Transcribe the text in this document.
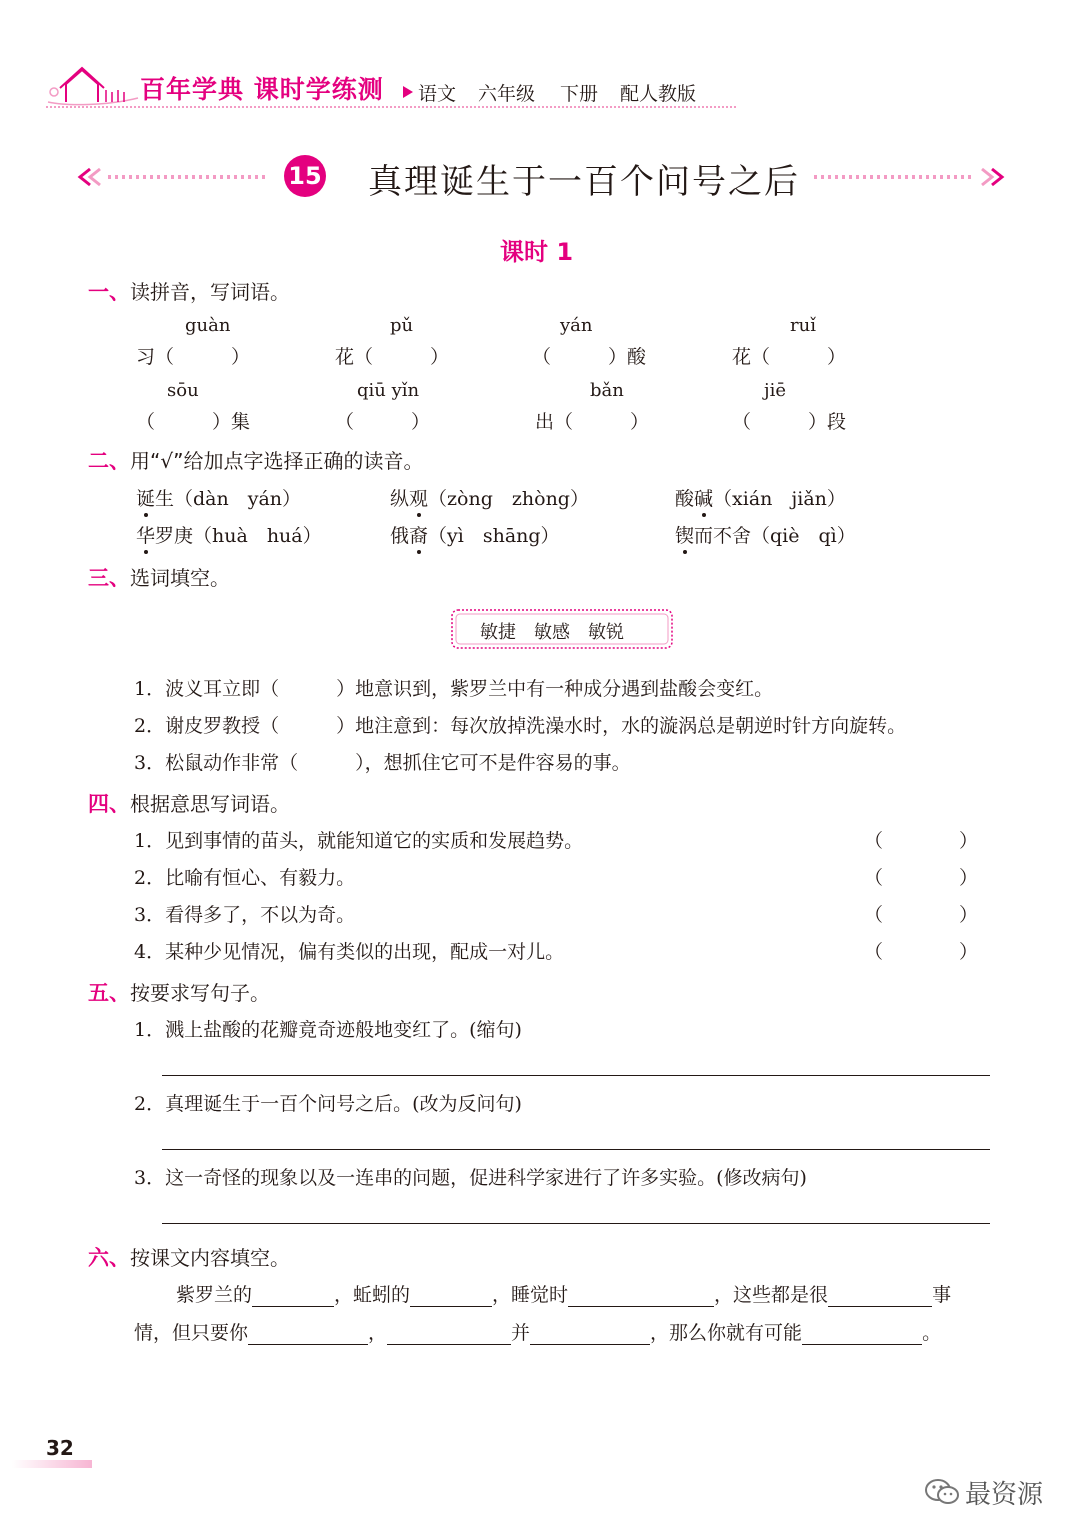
百年学典 课时学练测 语文 六年级 下册 配人教版
15 真理诞生于一百个问号之后
课时 1
一、读拼音，写词语。
guàn	pǔ	yán	ruǐ
习（　　　）	花（　　　）	（　　　）酸	花（　　　）
sōu	qiū yǐn	bǎn	jiē
（　　　）集	（　　　）	出（　　　）	（　　　）段
二、用“√”给加点字选择正确的读音。
诞生（dàn　yán）	纵观（zòng　zhòng）	酸碱（xián　jiǎn）
华罗庚（huà　huá）	俄裔（yì　shāng）	锲而不舍（qiè　qì）
三、选词填空。
敏捷　敏感　敏锐
1．波义耳立即（　　　）地意识到，紫罗兰中有一种成分遇到盐酸会变红。
2．谢皮罗教授（　　　）地注意到：每次放掉洗澡水时，水的漩涡总是朝逆时针方向旋转。
3．松鼠动作非常（　　　），想抓住它可不是件容易的事。
四、根据意思写词语。
1．见到事情的苗头，就能知道它的实质和发展趋势。	（　　　　）
2．比喻有恒心、有毅力。	（　　　　）
3．看得多了，不以为奇。	（　　　　）
4．某种少见情况，偏有类似的出现，配成一对儿。	（　　　　）
五、按要求写句子。
1．溅上盐酸的花瓣竟奇迹般地变红了。(缩句)
2．真理诞生于一百个问号之后。(改为反问句)
3．这一奇怪的现象以及一连串的问题，促进科学家进行了许多实验。(修改病句)
六、按课文内容填空。
紫罗兰的	，蚯蚓的	，睡觉时	，这些都是很	事
情，但只要你	，	并	，那么你就有可能	。
32
最资源
